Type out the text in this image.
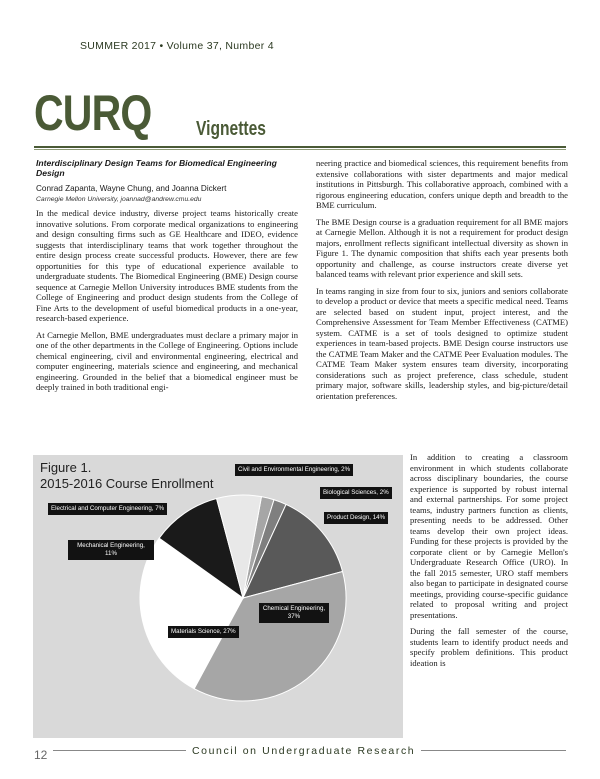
SUMMER 2017 • Volume 37, Number 4
CURQ Vignettes
Interdisciplinary Design Teams for Biomedical Engineering Design
Conrad Zapanta, Wayne Chung, and Joanna Dickert
Carnegie Mellon University, joannad@andrew.cmu.edu

In the medical device industry, diverse project teams historically create innovative solutions. From corporate medical organizations to engineering and design consulting firms such as GE Healthcare and IDEO, evidence suggests that interdisciplinary teams that work together throughout the entire design process create successful products. However, there are few opportunities for this type of educational experience available to undergraduate students. The Biomedical Engineering (BME) Design course sequence at Carnegie Mellon University introduces BME students from the College of Engineering and product design students from the College of Fine Arts to the development of useful biomedical products in a one-year, research-based experience.

At Carnegie Mellon, BME undergraduates must declare a primary major in one of the other departments in the College of Engineering. Options include chemical engineering, civil and environmental engineering, electrical and computer engineering, materials science and engineering, and mechanical engineering. Grounded in the belief that a biomedical engineer must be deeply trained in both traditional engi-

neering practice and biomedical sciences, this requirement benefits from extensive collaborations with sister departments and major medical institutions in Pittsburgh. This collaborative approach, combined with a rigorous engineering education, confers unique depth and breadth to the BME curriculum.

The BME Design course is a graduation requirement for all BME majors at Carnegie Mellon. Although it is not a requirement for product design majors, enrollment reflects significant intellectual diversity as shown in Figure 1. The dynamic composition that shifts each year presents both opportunity and challenge, as course instructors create diverse yet balanced teams with relevant prior experience and skill sets.

In teams ranging in size from four to six, juniors and seniors collaborate to develop a product or device that meets a specific medical need. Teams are selected based on student input, project interest, and the Comprehensive Assessment for Team Member Effectiveness (CATME) system. CATME is a set of tools designed to optimize student experiences in team-based projects. BME Design course instructors use the CATME Team Maker and the CATME Peer Evaluation modules. The CATME Team Maker system ensures team diversity, incorporating considerations such as project preference, class schedule, student primary major, software skills, leadership styles, and big-picture/detail orientation preferences.

Figure 1.
2015-2016 Course Enrollment
Civil and Environmental Engineering, 2%
Biological Sciences, 2%
Product Design, 14%
Electrical and Computer Engineering, 7%
Mechanical Engineering, 11%
Materials Science, 27%
Chemical Engineering, 37%

In addition to creating a classroom environment in which students collaborate across disciplinary boundaries, the course experience is supported by robust internal and external partnerships. For some project teams, industry partners function as clients, presenting needs to be addressed. Other teams develop their own project ideas. Funding for these projects is provided by the corporate client or by Carnegie Mellon's Undergraduate Research Office (URO). In the fall 2015 semester, URO staff members also began to participate in designated course meetings, providing course-specific guidance related to proposal writing and project presentations.

During the fall semester of the course, students learn to identify product needs and specify problem definitions. This product ideation is

12	Council on Undergraduate Research
